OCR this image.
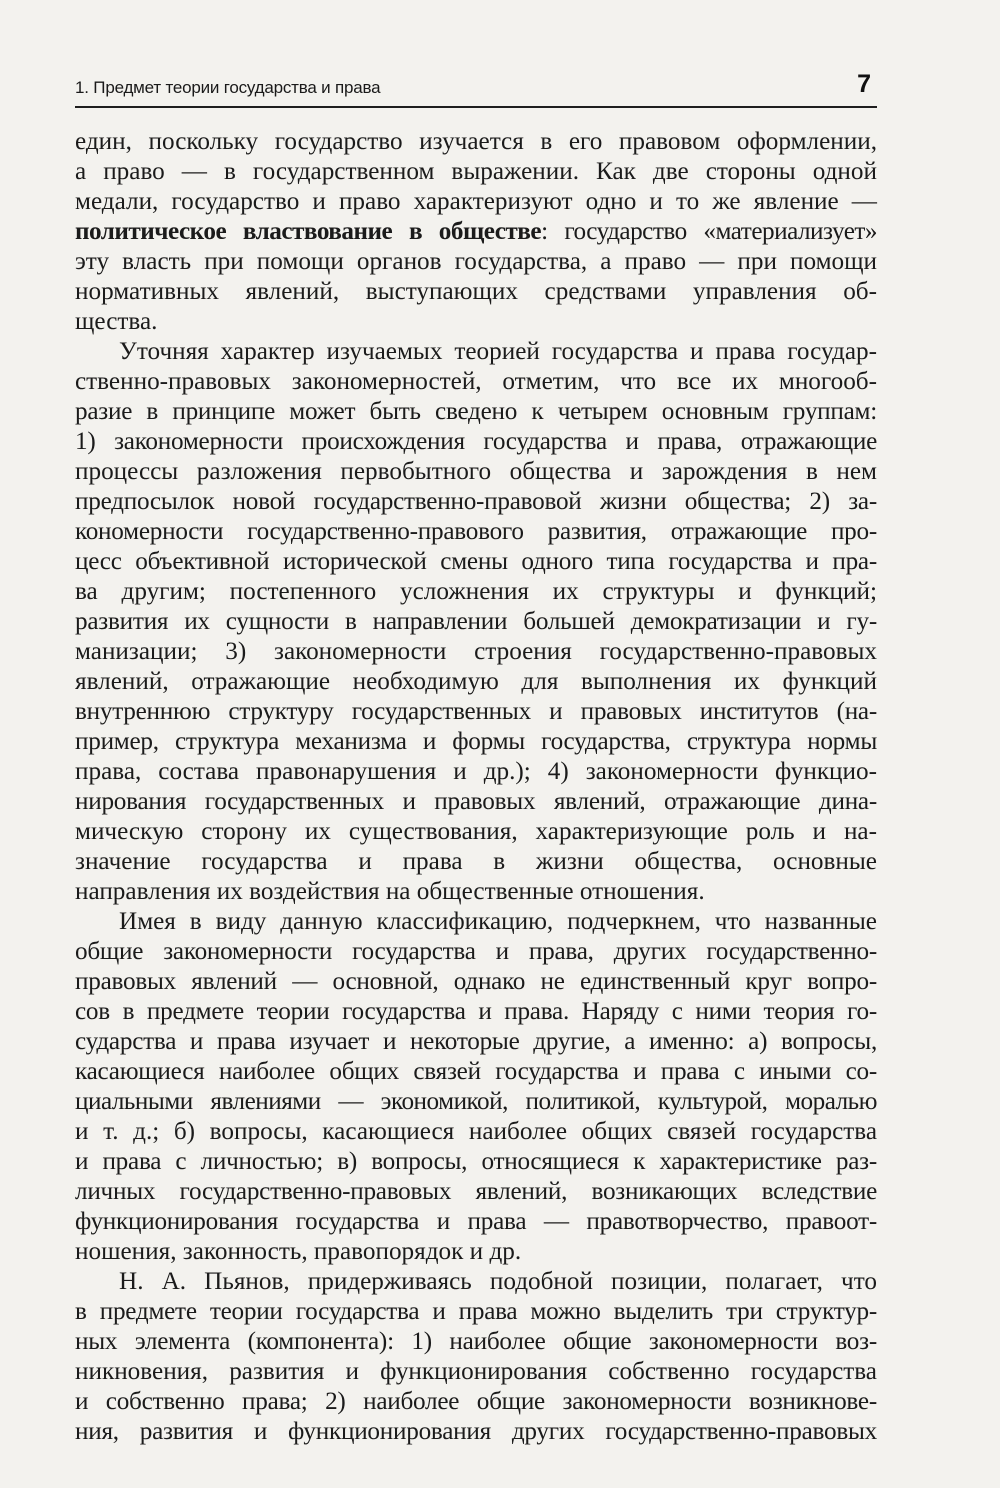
1. Предмет теории государства и права	7
един, поскольку государство изучается в его правовом оформлении,
а право — в государственном выражении. Как две стороны одной
медали, государство и право характеризуют одно и то же явление —
политическое властвование в обществе: государство «материализует»
эту власть при помощи органов государства, а право — при помощи
нормативных явлений, выступающих средствами управления об-
щества.
Уточняя характер изучаемых теорией государства и права государ-
ственно-правовых закономерностей, отметим, что все их многооб-
разие в принципе может быть сведено к четырем основным группам:
1) закономерности происхождения государства и права, отражающие
процессы разложения первобытного общества и зарождения в нем
предпосылок новой государственно-правовой жизни общества; 2) за-
кономерности государственно-правового развития, отражающие про-
цесс объективной исторической смены одного типа государства и пра-
ва другим; постепенного усложнения их структуры и функций;
развития их сущности в направлении большей демократизации и гу-
манизации; 3) закономерности строения государственно-правовых
явлений, отражающие необходимую для выполнения их функций
внутреннюю структуру государственных и правовых институтов (на-
пример, структура механизма и формы государства, структура нормы
права, состава правонарушения и др.); 4) закономерности функцио-
нирования государственных и правовых явлений, отражающие дина-
мическую сторону их существования, характеризующие роль и на-
значение государства и права в жизни общества, основные
направления их воздействия на общественные отношения.
Имея в виду данную классификацию, подчеркнем, что названные
общие закономерности государства и права, других государственно-
правовых явлений — основной, однако не единственный круг вопро-
сов в предмете теории государства и права. Наряду с ними теория го-
сударства и права изучает и некоторые другие, а именно: а) вопросы,
касающиеся наиболее общих связей государства и права с иными со-
циальными явлениями — экономикой, политикой, культурой, моралью
и т. д.; б) вопросы, касающиеся наиболее общих связей государства
и права с личностью; в) вопросы, относящиеся к характеристике раз-
личных государственно-правовых явлений, возникающих вследствие
функционирования государства и права — правотворчество, правоот-
ношения, законность, правопорядок и др.
Н. А. Пьянов, придерживаясь подобной позиции, полагает, что
в предмете теории государства и права можно выделить три структур-
ных элемента (компонента): 1) наиболее общие закономерности воз-
никновения, развития и функционирования собственно государства
и собственно права; 2) наиболее общие закономерности возникнове-
ния, развития и функционирования других государственно-правовых
